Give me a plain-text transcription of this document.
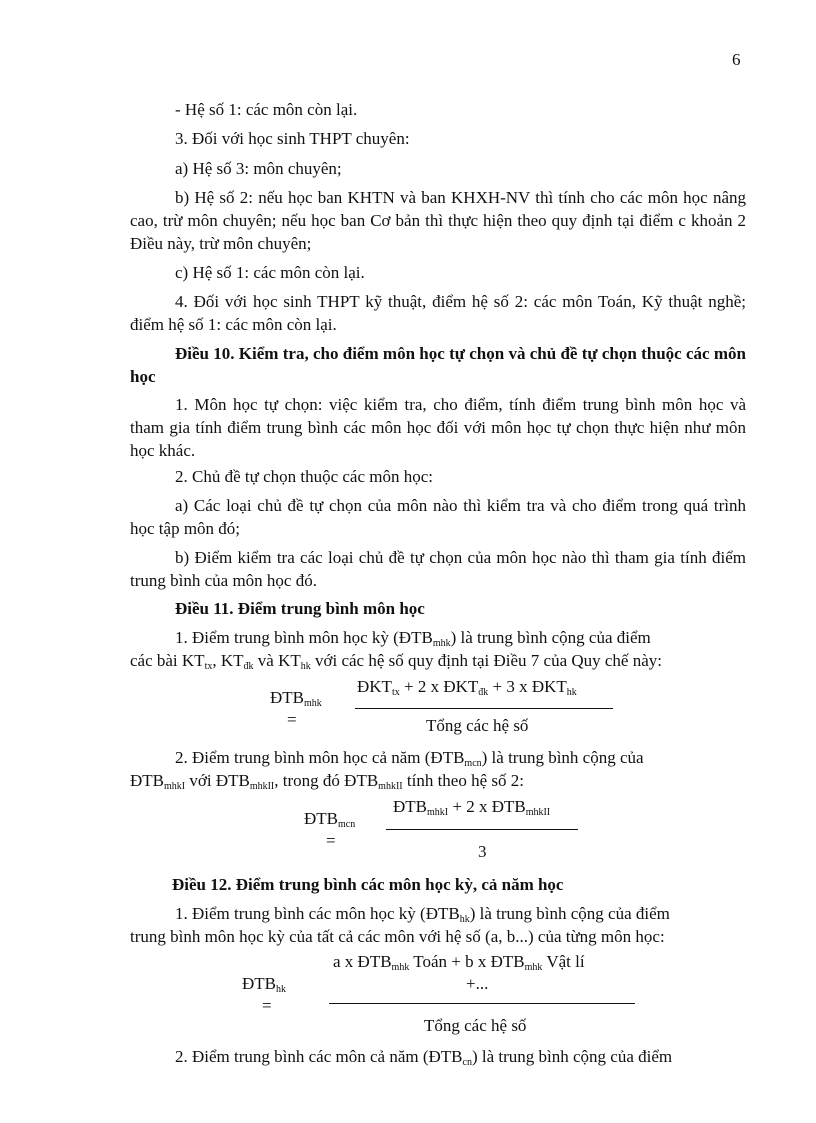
6

- Hệ số 1: các môn còn lại.

3. Đối với học sinh THPT chuyên:

a) Hệ số 3: môn chuyên;

b) Hệ số 2: nếu học ban KHTN và ban KHXH-NV thì tính cho các môn học nâng cao, trừ môn chuyên; nếu học ban Cơ bản thì thực hiện theo quy định tại điểm c khoản 2 Điều này, trừ môn chuyên;

c) Hệ số 1: các môn còn lại.

4. Đối với học sinh THPT kỹ thuật, điểm hệ số 2: các môn Toán, Kỹ thuật nghề; điểm hệ số 1: các môn còn lại.

Điều 10. Kiểm tra, cho điểm môn học tự chọn và chủ đề tự chọn thuộc các môn học

1. Môn học tự chọn: việc kiểm tra, cho điểm, tính điểm trung bình môn học và tham gia tính điểm trung bình các môn học đối với môn học tự chọn thực hiện như môn học khác.

2. Chủ đề tự chọn thuộc các môn học:

a) Các loại chủ đề tự chọn của môn nào thì kiểm tra và cho điểm trong quá trình học tập môn đó;

b) Điểm kiểm tra các loại chủ đề tự chọn của môn học nào thì tham gia tính điểm trung bình của môn học đó.

Điều 11. Điểm trung bình môn học

1. Điểm trung bình môn học kỳ $(ĐTB_{mhk})$ là trung bình cộng của điểm
các bài $KT_{tx}$, $KT_{đk}$ và $KT_{hk}$ với các hệ số quy định tại Điều 7 của Quy chế này:

$ĐTB_{mhk}$
=
$ĐKT_{tx} + 2$ x $ĐKT_{đk} + 3$ x $ĐKT_{hk}$
Tổng các hệ số

2. Điểm trung bình môn học cả năm $(ĐTB_{mcn})$ là trung bình cộng của
$ĐTB_{mhkI}$ với $ĐTB_{mhkII}$, trong đó $ĐTB_{mhkII}$ tính theo hệ số 2:

$ĐTB_{mcn}$
=
$ĐTB_{mhkI} + 2$ x $ĐTB_{mhkII}$
3

Điều 12. Điểm trung bình các môn học kỳ, cả năm học

1. Điểm trung bình các môn học kỳ $(ĐTB_{hk})$ là trung bình cộng của điểm
trung bình môn học kỳ của tất cả các môn với hệ số (a, b...) của từng môn học:

$ĐTB_{hk}$
=
a x $ĐTB_{mhk}$ Toán + b x $ĐTB_{mhk}$ Vật lí
+...
Tổng các hệ số

2. Điểm trung bình các môn cả năm $(ĐTB_{cn})$ là trung bình cộng của điểm
